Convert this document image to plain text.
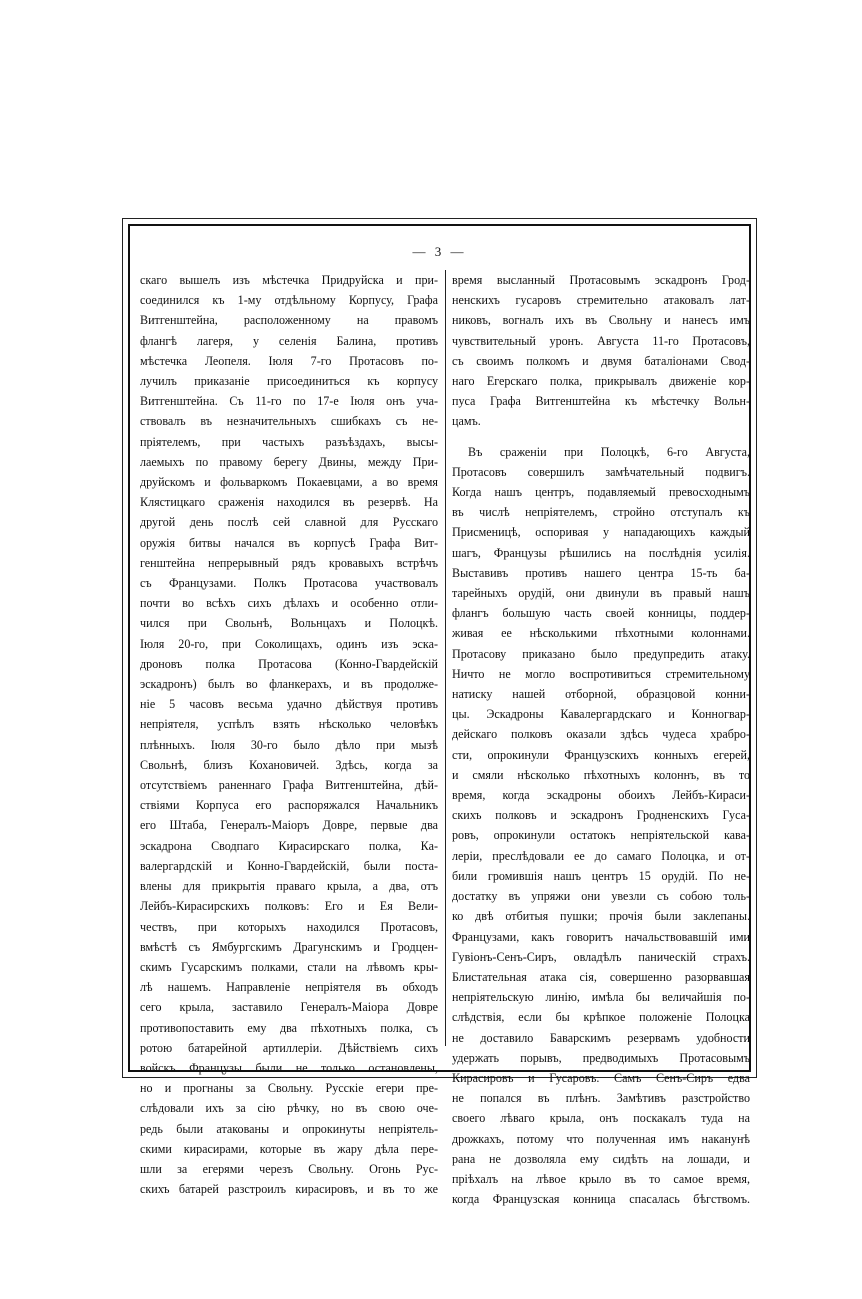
— 3 —
скаго вышелъ изъ мѣстечка Придруйска и при-
соединился къ 1-му отдѣльному Корпусу, Графа
Витгенштейна, расположенному на правомъ
флангѣ лагеря, у селенія Балина, противъ
мѣстечка Леопеля. Іюля 7-го Протасовъ по-
лучилъ приказаніе присоединиться къ корпусу
Витгенштейна. Съ 11-го по 17-е Іюля онъ уча-
ствовалъ въ незначительныхъ сшибкахъ съ не-
пріятелемъ, при частыхъ разъѣздахъ, высы-
лаемыхъ по правому берегу Двины, между При-
друйскомъ и фольваркомъ Покаевцами, а во время
Клястицкаго сраженія находился въ резервѣ. На
другой день послѣ сей славной для Русскаго
оружія битвы начался въ корпусѣ Графа Вит-
генштейна непрерывный рядъ кровавыхъ встрѣчъ
съ Французами. Полкъ Протасова участвовалъ
почти во всѣхъ сихъ дѣлахъ и особенно отли-
чился при Свольнѣ, Вольнцахъ и Полоцкѣ.
Іюля 20-го, при Соколищахъ, одинъ изъ эска-
дроновъ полка Протасова (Конно-Гвардейскій
эскадронъ) былъ во фланкерахъ, и въ продолже-
ніе 5 часовъ весьма удачно дѣйствуя противъ
непріятеля, успѣлъ взять нѣсколько человѣкъ
плѣнныхъ. Іюля 30-го было дѣло при мызѣ
Свольнѣ, близъ Кохановичей. Здѣсь, когда за
отсутствіемъ раненнаго Графа Витгенштейна, дѣй-
ствіями Корпуса его распоряжался Начальникъ
его Штаба, Генералъ-Маіоръ Довре, первые два
эскадрона Сводпаго Кирасирскаго полка, Ка-
валергардскій и Конно-Гвардейскій, были поста-
влены для прикрытія праваго крыла, а два, отъ
Лейбъ-Кирасирскихъ полковъ: Его и Ея Вели-
чествъ, при которыхъ находился Протасовъ,
вмѣстѣ съ Ямбургскимъ Драгунскимъ и Гродцен-
скимъ Гусарскимъ полками, стали на лѣвомъ кры-
лѣ нашемъ. Направленіе непріятеля въ обходъ
сего крыла, заставило Генералъ-Маіора Довре
противопоставить ему два пѣхотныхъ полка, съ
ротою батарейной артиллеріи. Дѣйствіемъ сихъ
войскъ Французы были не только остановлены,
но и прогнаны за Свольну. Русскіе егери пре-
слѣдовали ихъ за сію рѣчку, но въ свою оче-
редь были атакованы и опрокинуты непріятель-
скими кирасирами, которые въ жару дѣла пере-
шли за егерями черезъ Свольну. Огонь Рус-
скихъ батарей разстроилъ кирасировъ, и въ то же
время высланный Протасовымъ эскадронъ Грод-
ненскихъ гусаровъ стремительно атаковалъ лат-
никовъ, вогналъ ихъ въ Свольну и нанесъ имъ
чувствительный уронъ. Августа 11-го Протасовъ,
съ своимъ полкомъ и двумя баталіонами Свод-
наго Егерскаго полка, прикрывалъ движеніе кор-
пуса Графа Витгенштейна къ мѣстечку Вольн-
цамъ.
Въ сраженіи при Полоцкѣ, 6-го Августа,
Протасовъ совершилъ замѣчательный подвигъ.
Когда нашъ центръ, подавляемый превосходнымъ
въ числѣ непріятелемъ, стройно отступалъ къ
Присменицѣ, оспоривая у нападающихъ каждый
шагъ, Французы рѣшились на послѣднія усилія.
Выставивъ противъ нашего центра 15-ть ба-
тарейныхъ орудій, они двинули въ правый нашъ
флангъ большую часть своей конницы, поддер-
живая ее нѣсколькими пѣхотными колоннами.
Протасову приказано было предупредить атаку.
Ничто не могло воспротивиться стремительному
натиску нашей отборной, образцовой конни-
цы. Эскадроны Кавалергардскаго и Конногвар-
дейскаго полковъ оказали здѣсь чудеса храбро-
сти, опрокинули Французскихъ конныхъ егерей,
и смяли нѣсколько пѣхотныхъ колоннъ, въ то
время, когда эскадроны обоихъ Лейбъ-Кираси-
скихъ полковъ и эскадронъ Гродненскихъ Гуса-
ровъ, опрокинули остатокъ непріятельской кава-
леріи, преслѣдовали ее до самаго Полоцка, и от-
били громившія нашъ центръ 15 орудій. По не-
достатку въ упряжи они увезли съ собою толь-
ко двѣ отбитыя пушки; прочія были заклепаны.
Французами, какъ говоритъ начальствовавшій ими
Гувіонъ-Сенъ-Сиръ, овладѣлъ паническій страхъ.
Блистательная атака сія, совершенно разорвавшая
непріятельскую линію, имѣла бы величайшія по-
слѣдствія, если бы крѣпкое положеніе Полоцка
не доставило Баварскимъ резервамъ удобности
удержать порывъ, предводимыхъ Протасовымъ
Кирасировъ и Гусаровъ. Самъ Сенъ-Сиръ едва
не попался въ плѣнъ. Замѣтивъ разстройство
своего лѣваго крыла, онъ поскакалъ туда на
дрожкахъ, потому что полученная имъ наканунѣ
рана не дозволяла ему сидѣть на лошади, и
пріѣхалъ на лѣвое крыло въ то самое время,
когда Французская конница спасалась бѣгствомъ.
